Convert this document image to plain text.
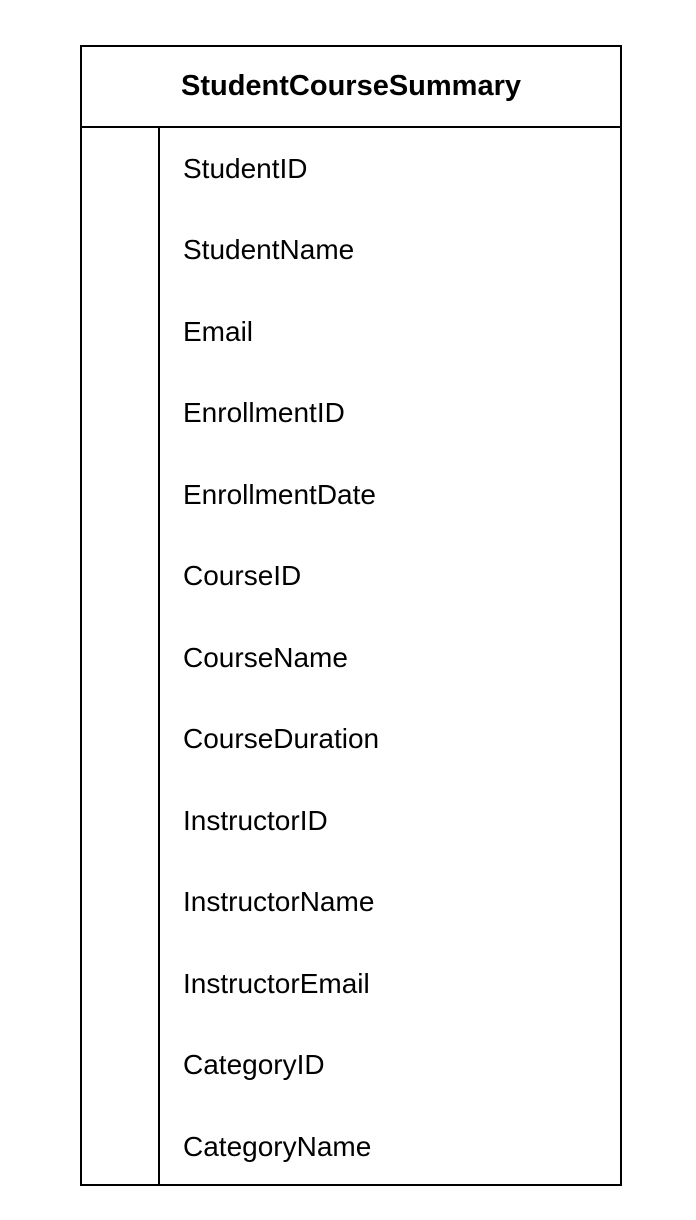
StudentCourseSummary
StudentID
StudentName
Email
EnrollmentID
EnrollmentDate
CourseID
CourseName
CourseDuration
InstructorID
InstructorName
InstructorEmail
CategoryID
CategoryName
